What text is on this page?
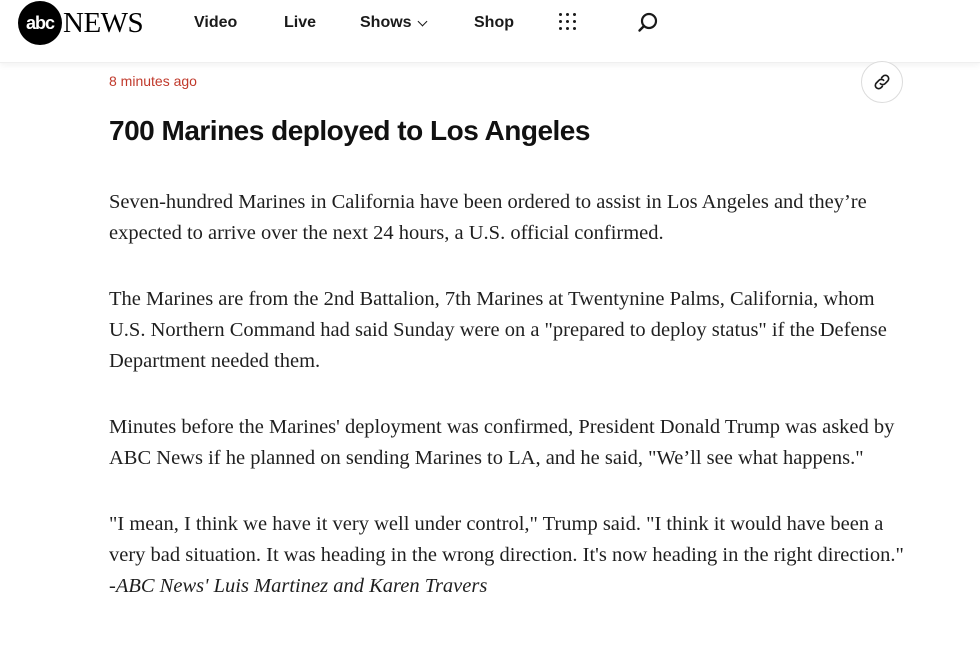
abc NEWS	Video	Live	Shows	Shop
8 minutes ago
700 Marines deployed to Los Angeles

Seven-hundred Marines in California have been ordered to assist in Los Angeles and they’re expected to arrive over the next 24 hours, a U.S. official confirmed.

The Marines are from the 2nd Battalion, 7th Marines at Twentynine Palms, California, whom U.S. Northern Command had said Sunday were on a "prepared to deploy status" if the Defense Department needed them.

Minutes before the Marines' deployment was confirmed, President Donald Trump was asked by ABC News if he planned on sending Marines to LA, and he said, "We’ll see what happens."

"I mean, I think we have it very well under control," Trump said. "I think it would have been a very bad situation. It was heading in the wrong direction. It's now heading in the right direction." -ABC News' Luis Martinez and Karen Travers
